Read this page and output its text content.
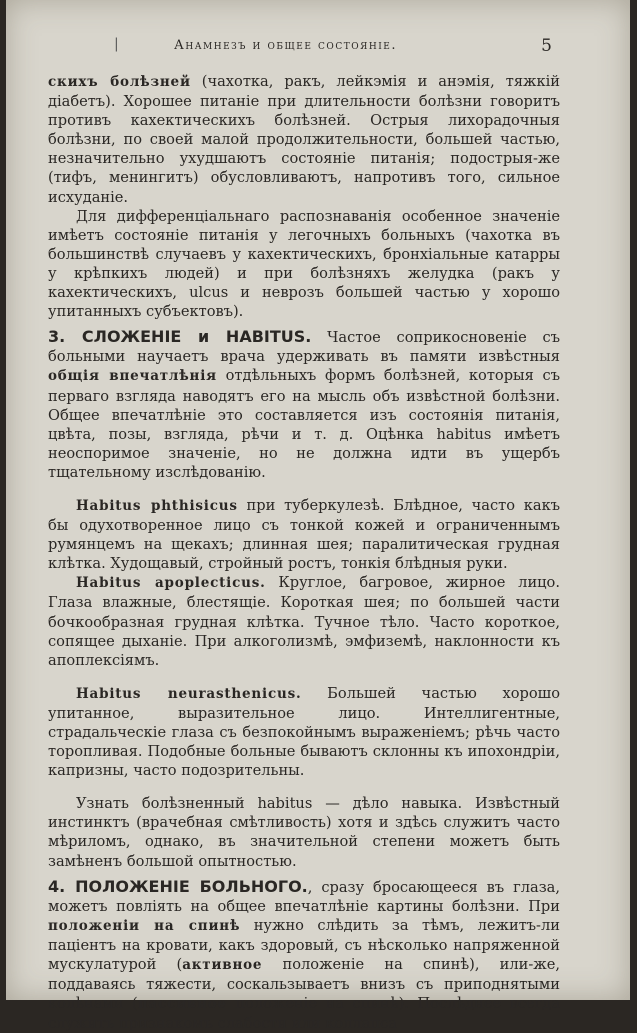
|	Анамнезъ и общее состояніе.	5

скихъ болѣзней (чахотка, ракъ, лейкэмія и анэмія, тяжкій діабетъ). Хорошее питаніе при длительности болѣзни говоритъ противъ кахектическихъ болѣзней. Острыя лихорадочныя болѣзни, по своей малой продолжительности, большей частью, незначительно ухудшаютъ состояніе питанія; подострыя-же (тифъ, менингитъ) обусловливаютъ, напротивъ того, сильное исхуданіе.

Для дифференціальнаго распознаванія особенное значеніе имѣетъ состояніе питанія у легочныхъ больныхъ (чахотка въ большинствѣ случаевъ у кахектическихъ, бронхіальные катарры у крѣпкихъ людей) и при болѣзняхъ желудка (ракъ у кахектическихъ, ulcus и неврозъ большей частью у хорошо упитанныхъ субъектовъ).

3. СЛОЖЕНІЕ и HABITUS. Частое соприкосновеніе съ больными научаетъ врача удерживать въ памяти извѣстныя общія впечатлѣнія отдѣльныхъ формъ болѣзней, которыя съ перваго взгляда наводятъ его на мысль объ извѣстной болѣзни. Общее впечатлѣніе это составляется изъ состоянія питанія, цвѣта, позы, взгляда, рѣчи и т. д. Оцѣнка habitus имѣетъ неоспоримое значеніе, но не должна идти въ ущербъ тщательному изслѣдованію.

Habitus phthisicus при туберкулезѣ. Блѣдное, часто какъ бы одухотворенное лицо съ тонкой кожей и ограниченнымъ румянцемъ на щекахъ; длинная шея; паралитическая грудная клѣтка. Худощавый, стройный ростъ, тонкія блѣдныя руки.

Habitus apoplecticus. Круглое, багровое, жирное лицо. Глаза влажные, блестящіе. Короткая шея; по большей части бочкообразная грудная клѣтка. Тучное тѣло. Часто короткое, сопящее дыханіе. При алкоголизмѣ, эмфиземѣ, наклонности къ апоплексіямъ.

Habitus neurasthenicus. Большей частью хорошо упитанное, выразительное лицо. Интеллигентные, страдальческіе глаза съ безпокойнымъ выраженіемъ; рѣчь часто торопливая. Подобные больные бываютъ склонны къ ипохондріи, капризны, часто подозрительны.

Узнать болѣзненный habitus — дѣло навыка. Извѣстный инстинктъ (врачебная смѣтливость) хотя и здѣсь служитъ часто мѣриломъ, однако, въ значительной степени можетъ быть замѣненъ большой опытностью.

4. ПОЛОЖЕНІЕ БОЛЬНОГО., сразу бросающееся въ глаза, можетъ повліять на общее впечатлѣніе картины болѣзни. При положеніи на спинѣ нужно слѣдить за тѣмъ, лежитъ-ли паціентъ на кровати, какъ здоровый, съ нѣсколько напряженной мускулатурой (активное положеніе на спинѣ), или-же, поддаваясь тяжести, соскальзываетъ внизъ съ приподнятыми колѣнами (пассивное положеніе на спинѣ). Послѣднее всегда служитъ признакомъ слабости или коллапса
